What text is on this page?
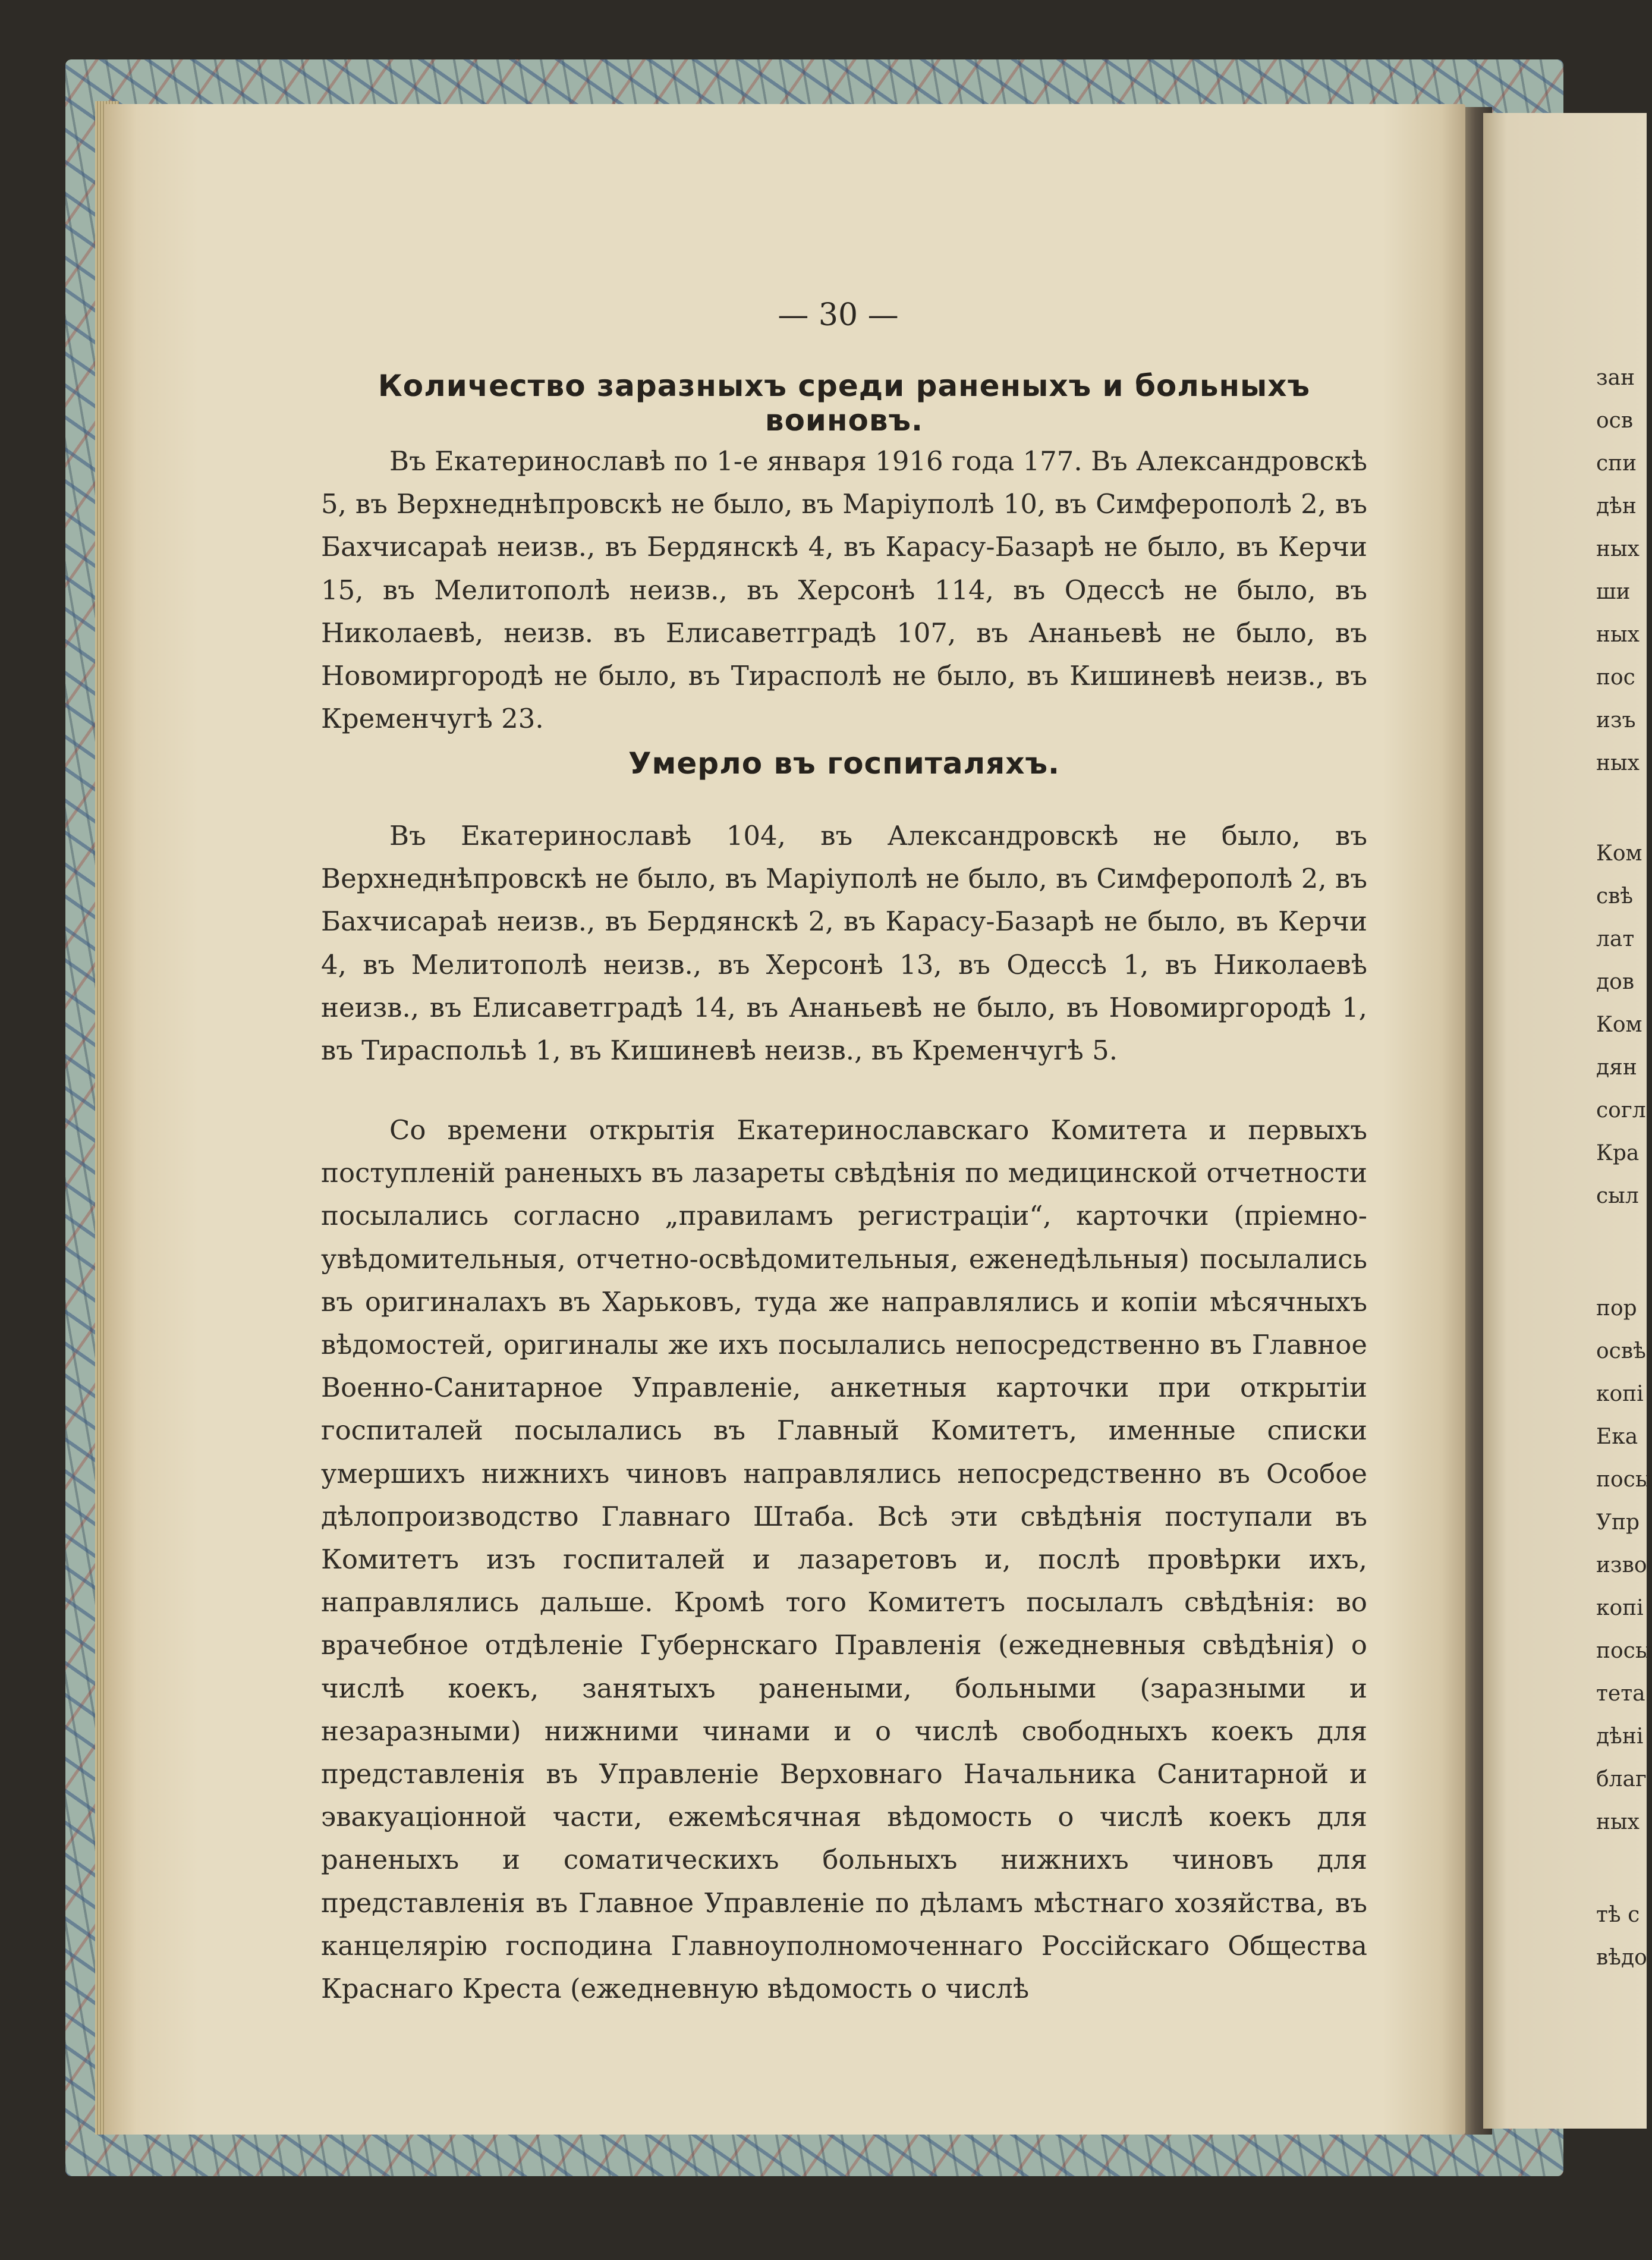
— 30 —
Количество заразныхъ среди раненыхъ и больныхъ воиновъ.

Въ Екатеринославѣ по 1-е января 1916 года 177. Въ Александровскѣ 5, въ Верхнеднѣпровскѣ не было, въ Маріуполѣ 10, въ Симферополѣ 2, въ Бахчисараѣ неизв., въ Бердянскѣ 4, въ Карасу-Базарѣ не было, въ Керчи 15, въ Мелитополѣ неизв., въ Херсонѣ 114, въ Одессѣ не было, въ Николаевѣ, неизв. въ Елисаветградѣ 107, въ Ананьевѣ не было, въ Новомиргородѣ не было, въ Тирасполѣ не было, въ Кишиневѣ неизв., въ Кременчугѣ 23.

Умерло въ госпиталяхъ.

Въ Екатеринославѣ 104, въ Александровскѣ не было, въ Верхнеднѣпровскѣ не было, въ Маріуполѣ не было, въ Симферополѣ 2, въ Бахчисараѣ неизв., въ Бердянскѣ 2, въ Карасу-Базарѣ не было, въ Керчи 4, въ Мелитополѣ неизв., въ Херсонѣ 13, въ Одессѣ 1, въ Николаевѣ неизв., въ Елисаветградѣ 14, въ Ананьевѣ не было, въ Новомиргородѣ 1, въ Тираспольѣ 1, въ Кишиневѣ неизв., въ Кременчугѣ 5.

Со времени открытія Екатеринославскаго Комитета и первыхъ поступленій раненыхъ въ лазареты свѣдѣнія по медицинской отчетности посылались согласно „правиламъ регистраціи“, карточки (пріемно-увѣдомительныя, отчетно-освѣдомительныя, еженедѣльныя) посылались въ оригиналахъ въ Харьковъ, туда же направлялись и копіи мѣсячныхъ вѣдомостей, оригиналы же ихъ посылались непосредственно въ Главное Военно-Санитарное Управленіе, анкетныя карточки при открытіи госпиталей посылались въ Главный Комитетъ, именные списки умершихъ нижнихъ чиновъ направлялись непосредственно въ Особое дѣлопроизводство Главнаго Штаба. Всѣ эти свѣдѣнія поступали въ Комитетъ изъ госпиталей и лазаретовъ и, послѣ провѣрки ихъ, направлялись дальше. Кромѣ того Комитетъ посылалъ свѣдѣнія: во врачебное отдѣленіе Губернскаго Правленія (ежедневныя свѣдѣнія) о числѣ коекъ, занятыхъ ранеными, больными (заразными и незаразными) нижними чинами и о числѣ свободныхъ коекъ для представленія въ Управленіе Верховнаго Начальника Санитарной и эвакуаціонной части, ежемѣсячная вѣдомость о числѣ коекъ для раненыхъ и соматическихъ больныхъ нижнихъ чиновъ для представленія въ Главное Управленіе по дѣламъ мѣстнаго хозяйства, въ канцелярію господина Главноуполномоченнаго Россійскаго Общества Краснаго Креста (ежедневную вѣдомость о числѣ

зан
осв
спи
дѣн
ных
ши
ных
пос
изъ
ных
Ком
свѣ
лат
дов
Ком
дян
согл
Кра
сыл
пор
освѣ
копі
Ека
посы
Упр
изво
копі
посы
тета
дѣні
благ
ных
тѣ с
вѣдо
